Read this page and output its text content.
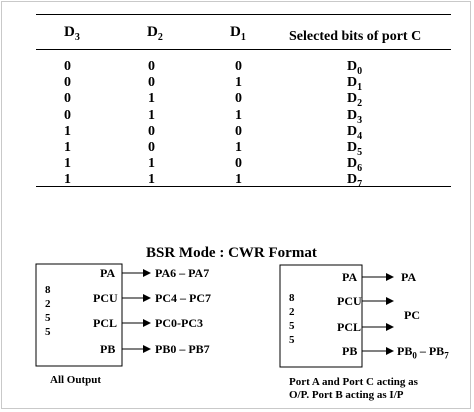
$D_3$	$D_2$	$D_1$	Selected bits of port C
0	0	0	$D_0$
0	0	1	$D_1$
0	1	0	$D_2$
0	1	1	$D_3$
1	0	0	$D_4$
1	0	1	$D_5$
1	1	0	$D_6$
1	1	1	$D_7$
BSR Mode : CWR Format
8
2
5
5
PA
PCU
PCL
PB
PA6 – PA7
PC4 – PC7
PC0-PC3
PB0 – PB7
All Output
8
2
5
5
PA
PCU
PCL
PB
PA
PC
$PB_0 - PB_7$
Port A and Port C acting as
O/P. Port B acting as I/P
